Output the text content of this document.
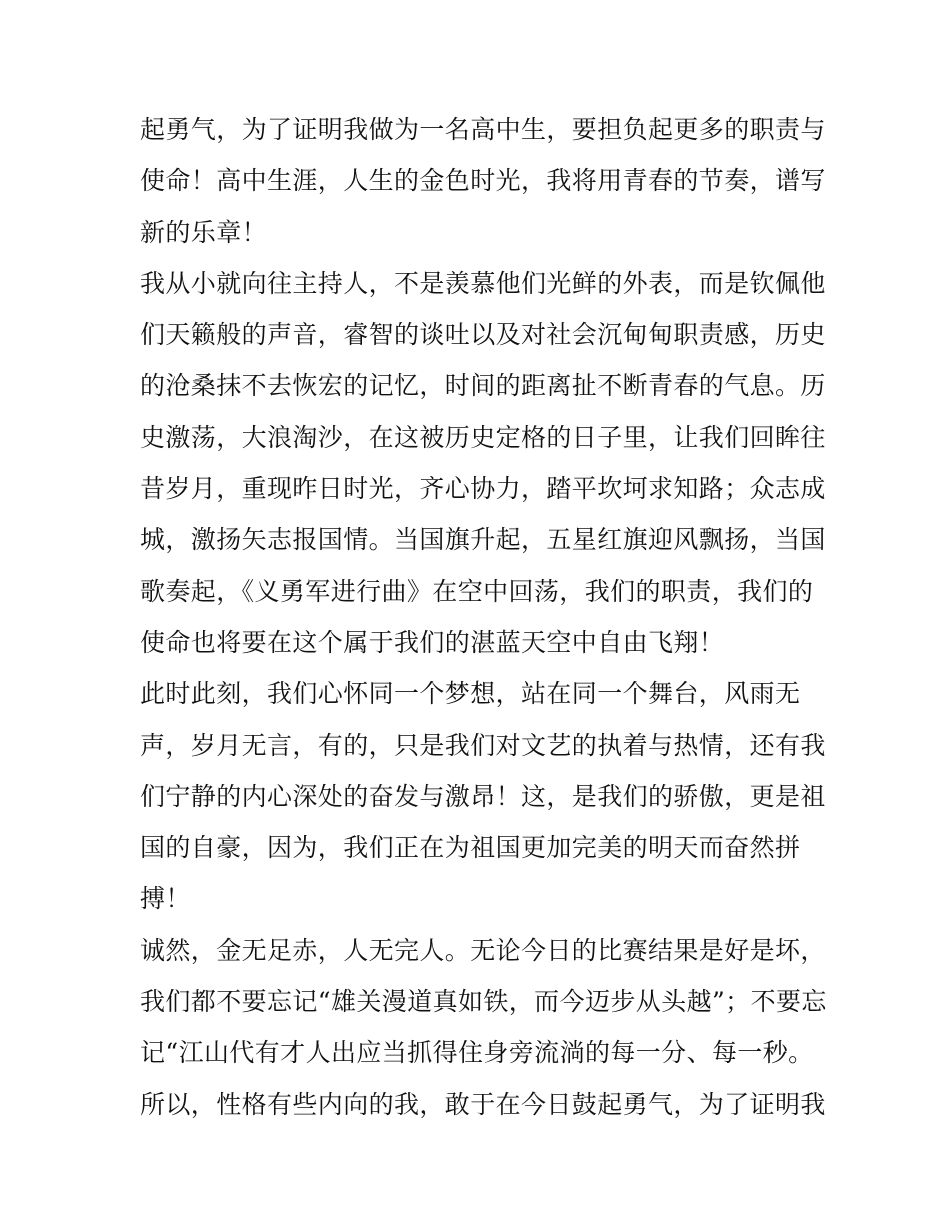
起勇气，为了证明我做为一名高中生，要担负起更多的职责与
使命！高中生涯，人生的金色时光，我将用青春的节奏，谱写
新的乐章！
我从小就向往主持人，不是羡慕他们光鲜的外表，而是钦佩他
们天籁般的声音，睿智的谈吐以及对社会沉甸甸职责感，历史
的沧桑抹不去恢宏的记忆，时间的距离扯不断青春的气息。历
史激荡，大浪淘沙，在这被历史定格的日子里，让我们回眸往
昔岁月，重现昨日时光，齐心协力，踏平坎坷求知路；众志成
城，激扬矢志报国情。当国旗升起，五星红旗迎风飘扬，当国
歌奏起，《义勇军进行曲》在空中回荡，我们的职责，我们的
使命也将要在这个属于我们的湛蓝天空中自由飞翔！
此时此刻，我们心怀同一个梦想，站在同一个舞台，风雨无
声，岁月无言，有的，只是我们对文艺的执着与热情，还有我
们宁静的内心深处的奋发与激昂！这，是我们的骄傲，更是祖
国的自豪，因为，我们正在为祖国更加完美的明天而奋然拼
搏！
诚然，金无足赤，人无完人。无论今日的比赛结果是好是坏，
我们都不要忘记“雄关漫道真如铁，而今迈步从头越”；不要忘
记“江山代有才人出应当抓得住身旁流淌的每一分、每一秒。
所以，性格有些内向的我，敢于在今日鼓起勇气，为了证明我
